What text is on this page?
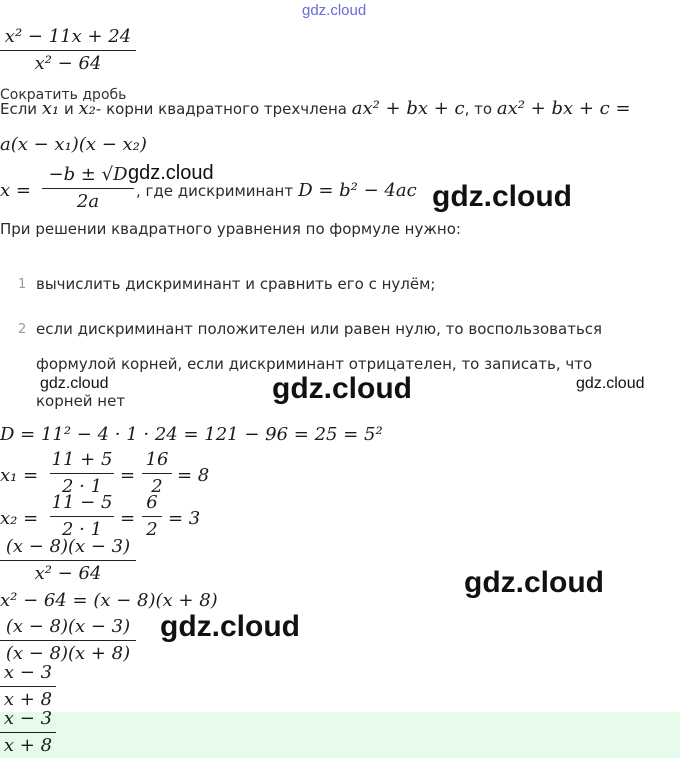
gdz.cloud
x² − 11x + 24
x² − 64
Сократить дробь
Если x₁ и x₂- корни квадратного трехчлена ax² + bx + c, то ax² + bx + c =
a(x − x₁)(x − x₂)
x =
−b ± √D
2a
, где дискриминант D = b² − 4ac
gdz.cloud
gdz.cloud
При решении квадратного уравнения по формуле нужно:
1 вычислить дискриминант и сравнить его с нулём;
2 если дискриминант положителен или равен нулю, то воспользоваться
формулой корней, если дискриминант отрицателен, то записать, что
корней нет
gdz.cloud	gdz.cloud	gdz.cloud
D = 11² − 4 · 1 · 24 = 121 − 96 = 25 = 5²
x₁ =
11 + 5
2 · 1
=
16
2
= 8
x₂ =
11 − 5
2 · 1
=
6
2
= 3
(x − 8)(x − 3)
x² − 64	gdz.cloud
x² − 64 = (x − 8)(x + 8)
(x − 8)(x − 3)
(x − 8)(x + 8)
gdz.cloud
x − 3
x + 8
x − 3
x + 8
